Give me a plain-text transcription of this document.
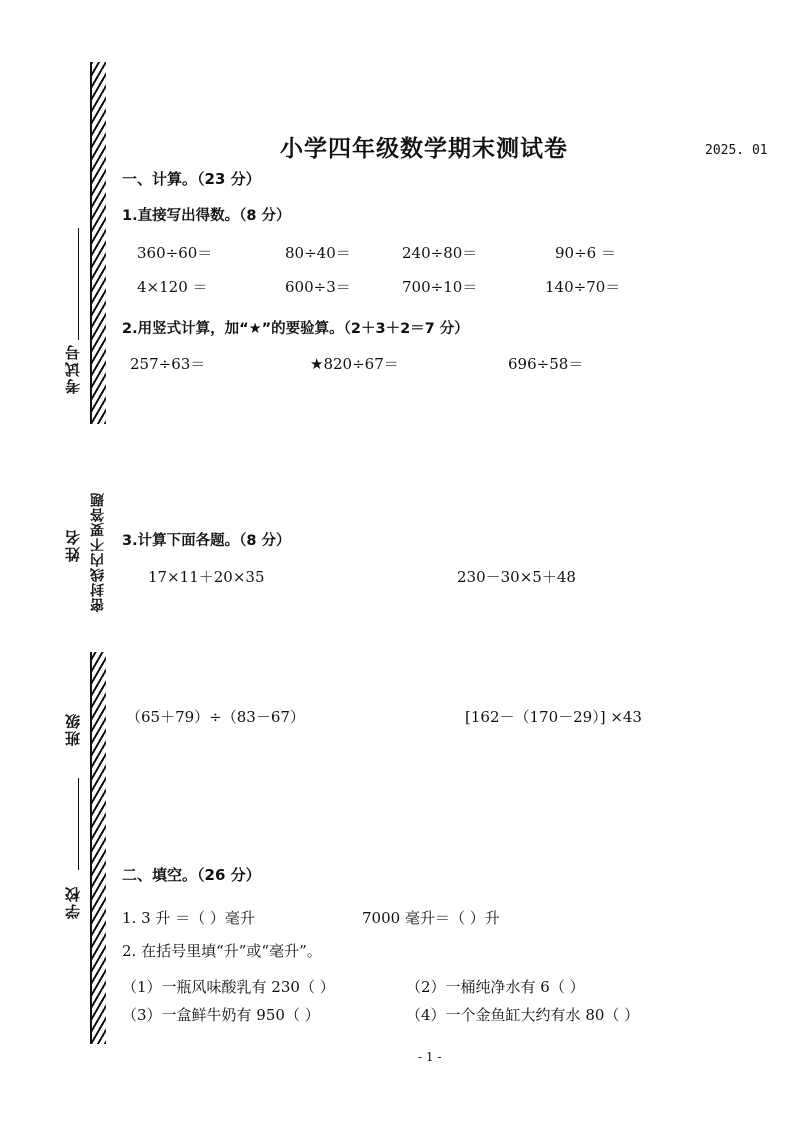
考试号
密封线内不要答题
姓名
班级
学校
小学四年级数学期末测试卷	2025. 01
一、计算。（23 分）
1.直接写出得数。（8 分）
360÷60＝	80÷40＝	240÷80＝	90÷6 ＝
4×120 ＝	600÷3＝	700÷10＝	140÷70＝
2.用竖式计算，加“★”的要验算。（2＋3＋2＝7 分）
257÷63＝	★820÷67＝	696÷58＝
3.计算下面各题。（8 分）
17×11＋20×35	230－30×5＋48
（65＋79）÷（83－67）	[162－（170－29）] ×43
二、填空。（26 分）
1. 3 升 ＝（ ）毫升	7000 毫升＝（ ）升
2. 在括号里填“升”或“毫升”。
（1）一瓶风味酸乳有 230（ ）	（2）一桶纯净水有 6（ ）
（3）一盒鲜牛奶有 950（ ）	（4）一个金鱼缸大约有水 80（ ）
- 1 -
